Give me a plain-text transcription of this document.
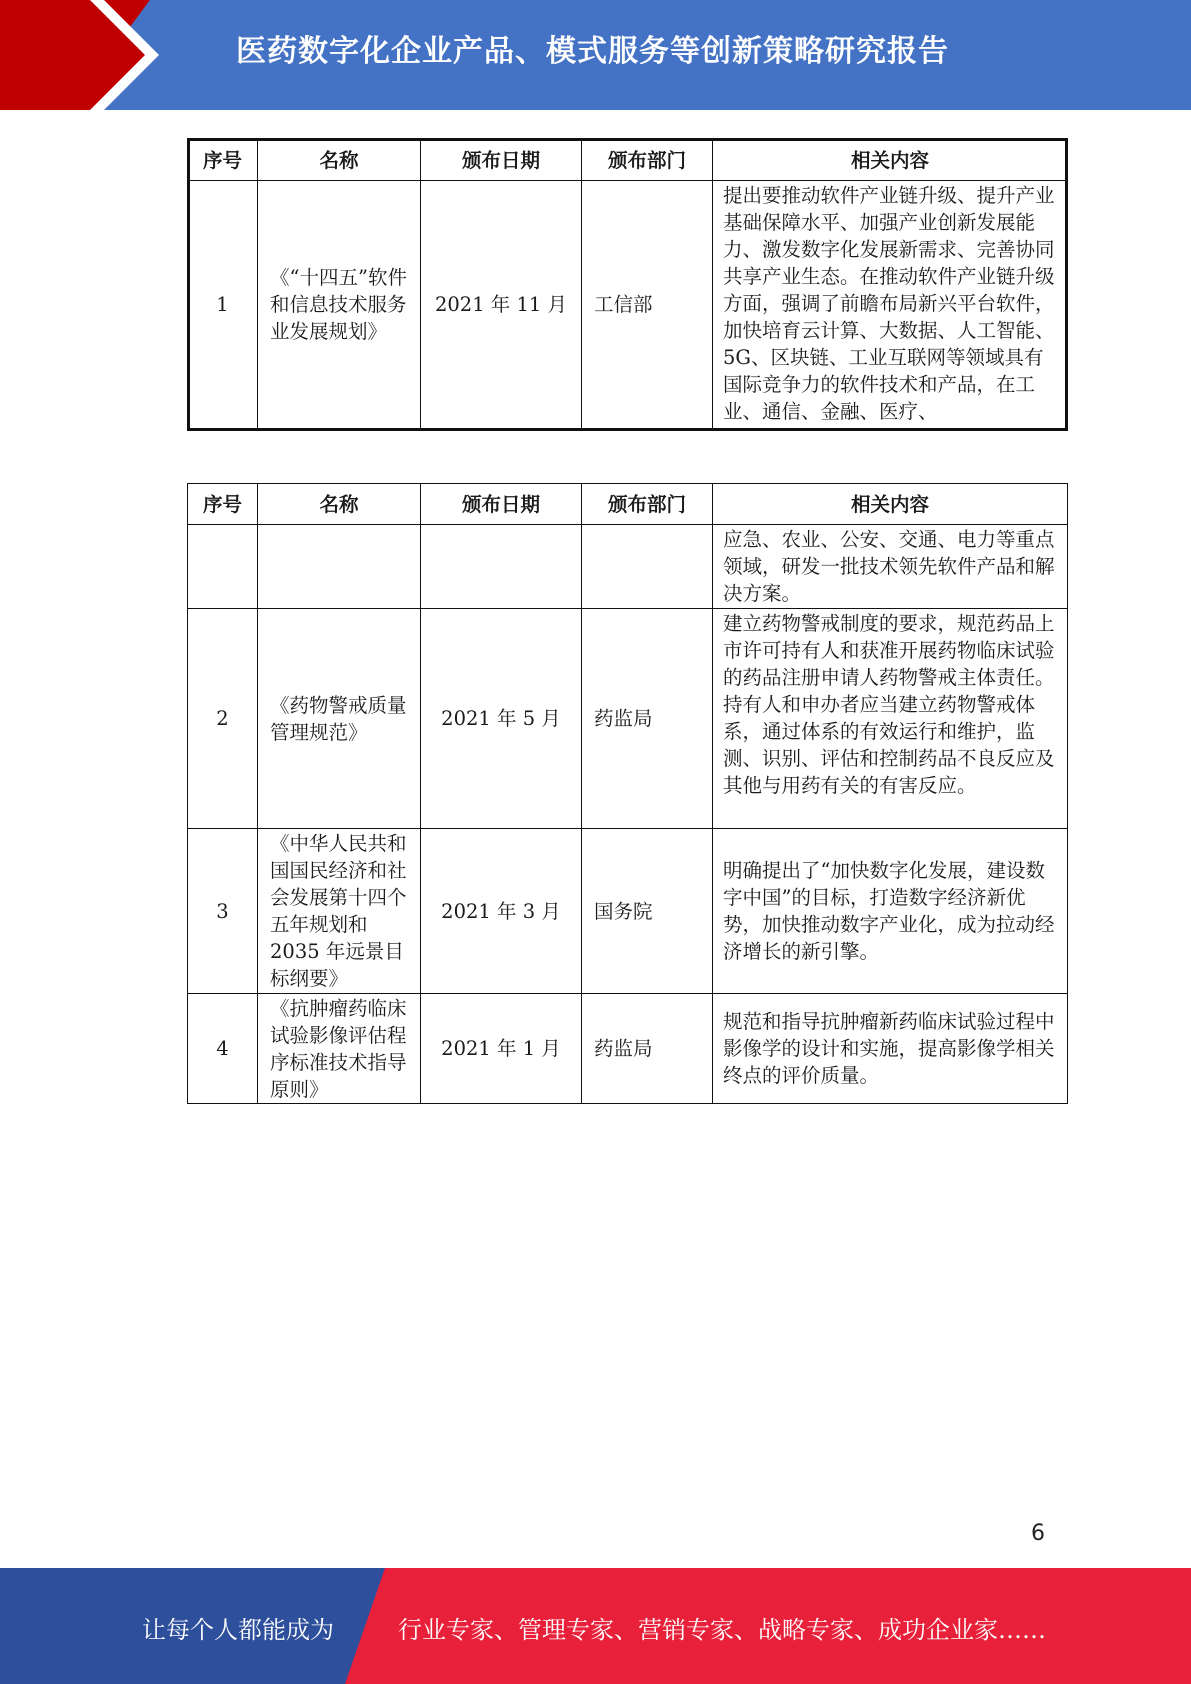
医药数字化企业产品、模式服务等创新策略研究报告
序号	名称	颁布日期	颁布部门	相关内容
1	《“十四五”软件和信息技术服务业发展规划》	2021 年 11 月	工信部	提出要推动软件产业链升级、提升产业基础保障水平、加强产业创新发展能力、激发数字化发展新需求、完善协同共享产业生态。在推动软件产业链升级方面，强调了前瞻布局新兴平台软件，加快培育云计算、大数据、人工智能、5G、区块链、工业互联网等领域具有国际竞争力的软件技术和产品，在工业、通信、金融、医疗、
序号	名称	颁布日期	颁布部门	相关内容
				应急、农业、公安、交通、电力等重点领域，研发一批技术领先软件产品和解决方案。
2	《药物警戒质量管理规范》	2021 年 5 月	药监局	建立药物警戒制度的要求，规范药品上市许可持有人和获准开展药物临床试验的药品注册申请人药物警戒主体责任。持有人和申办者应当建立药物警戒体系，通过体系的有效运行和维护，监测、识别、评估和控制药品不良反应及其他与用药有关的有害反应。
3	《中华人民共和国国民经济和社会发展第十四个五年规划和 2035 年远景目标纲要》	2021 年 3 月	国务院	明确提出了“加快数字化发展，建设数字中国”的目标，打造数字经济新优势，加快推动数字产业化，成为拉动经济增长的新引擎。
4	《抗肿瘤药临床试验影像评估程序标准技术指导原则》	2021 年 1 月	药监局	规范和指导抗肿瘤新药临床试验过程中影像学的设计和实施，提高影像学相关终点的评价质量。
6
让每个人都能成为	行业专家、管理专家、营销专家、战略专家、成功企业家……
